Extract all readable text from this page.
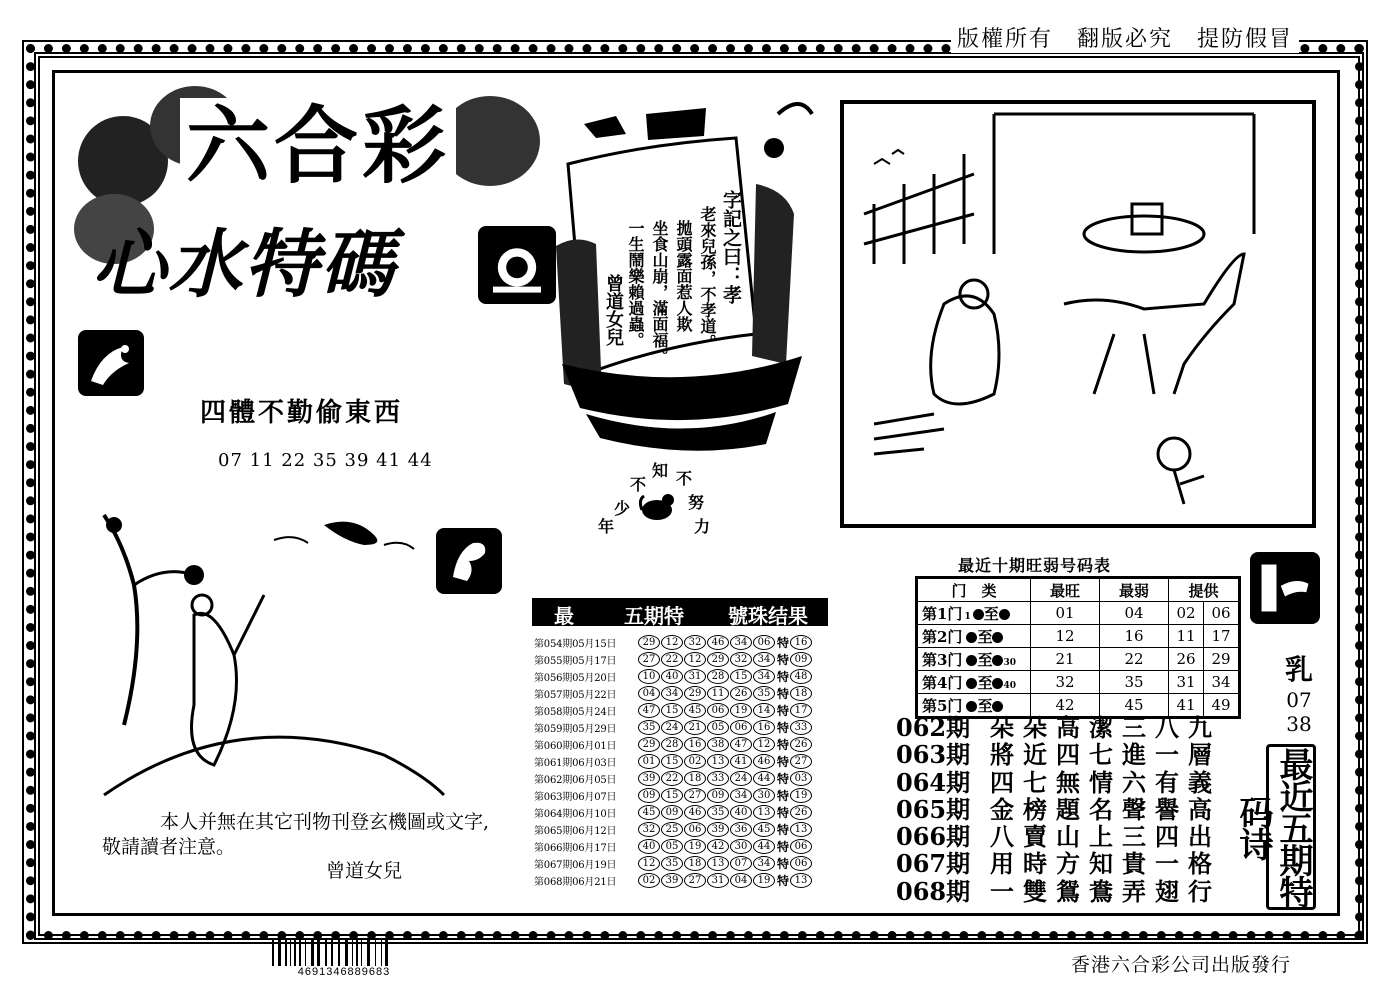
版權所有　翻版必究　提防假冒
六合彩
心水特碼
四體不勤偷東西
07 11 22 35 39 41 44
字記之曰：孝
老來兒孫，不孝道。
拋頭露面惹人欺
坐食山崩，滿面福。
一生鬧樂賴過蟲。
曾道女兒
少
不
知 不
努
力
年
最	五期特 號珠结果
第054期05月15日	29	12	32	46	34	06 特 16
第055期05月17日	27	22	12	29	32	34 特 09
第056期05月20日	10	40	31	28	15	34 特 48
第057期05月22日	04	34	29	11	26	35 特 18
第058期05月24日	47	15	45	06	19	14 特 17
第059期05月29日	35	24	21	05	06	16 特 33
第060期06月01日	29	28	16	38	47	12 特 26
第061期06月03日	01	15	02	13	41	46 特 27
第062期06月05日	39	22	18	33	24	44 特 03
第063期06月07日	09	15	27	09	34	30 特 19
第064期06月10日	45	09	46	35	40	13 特 26
第065期06月12日	32	25	06	39	36	45 特 13
第066期06月17日	40	05	19	42	30	44 特 06
第067期06月19日	12	35	18	13	07	34 特 06
第068期06月21日	02	39	27	31	04	19 特 13
最近十期旺弱号码表
门　类	最旺	最弱	提供	
第1门 1 至	01	04	02	06
第2门 至	12	16	11	17
第3门 至 30	21	22	26	29
第4门 至 40	32	35	31	34
第5门 至	42	45	41	49
062期 朵朵高潔三八九
063期 將近四七進一層
064期 四七無情六有義
065期 金榜題名聲譽高
066期 八賣山上三四出
067期 用時方知貴一格
068期 一雙鴛鴦弄翅行
乳
07
38
最近五期特码诗
本人并無在其它刊物刊登玄機圖或文字,
敬請讀者注意。
曾道女兒
4691346889683	香港六合彩公司出版發行
